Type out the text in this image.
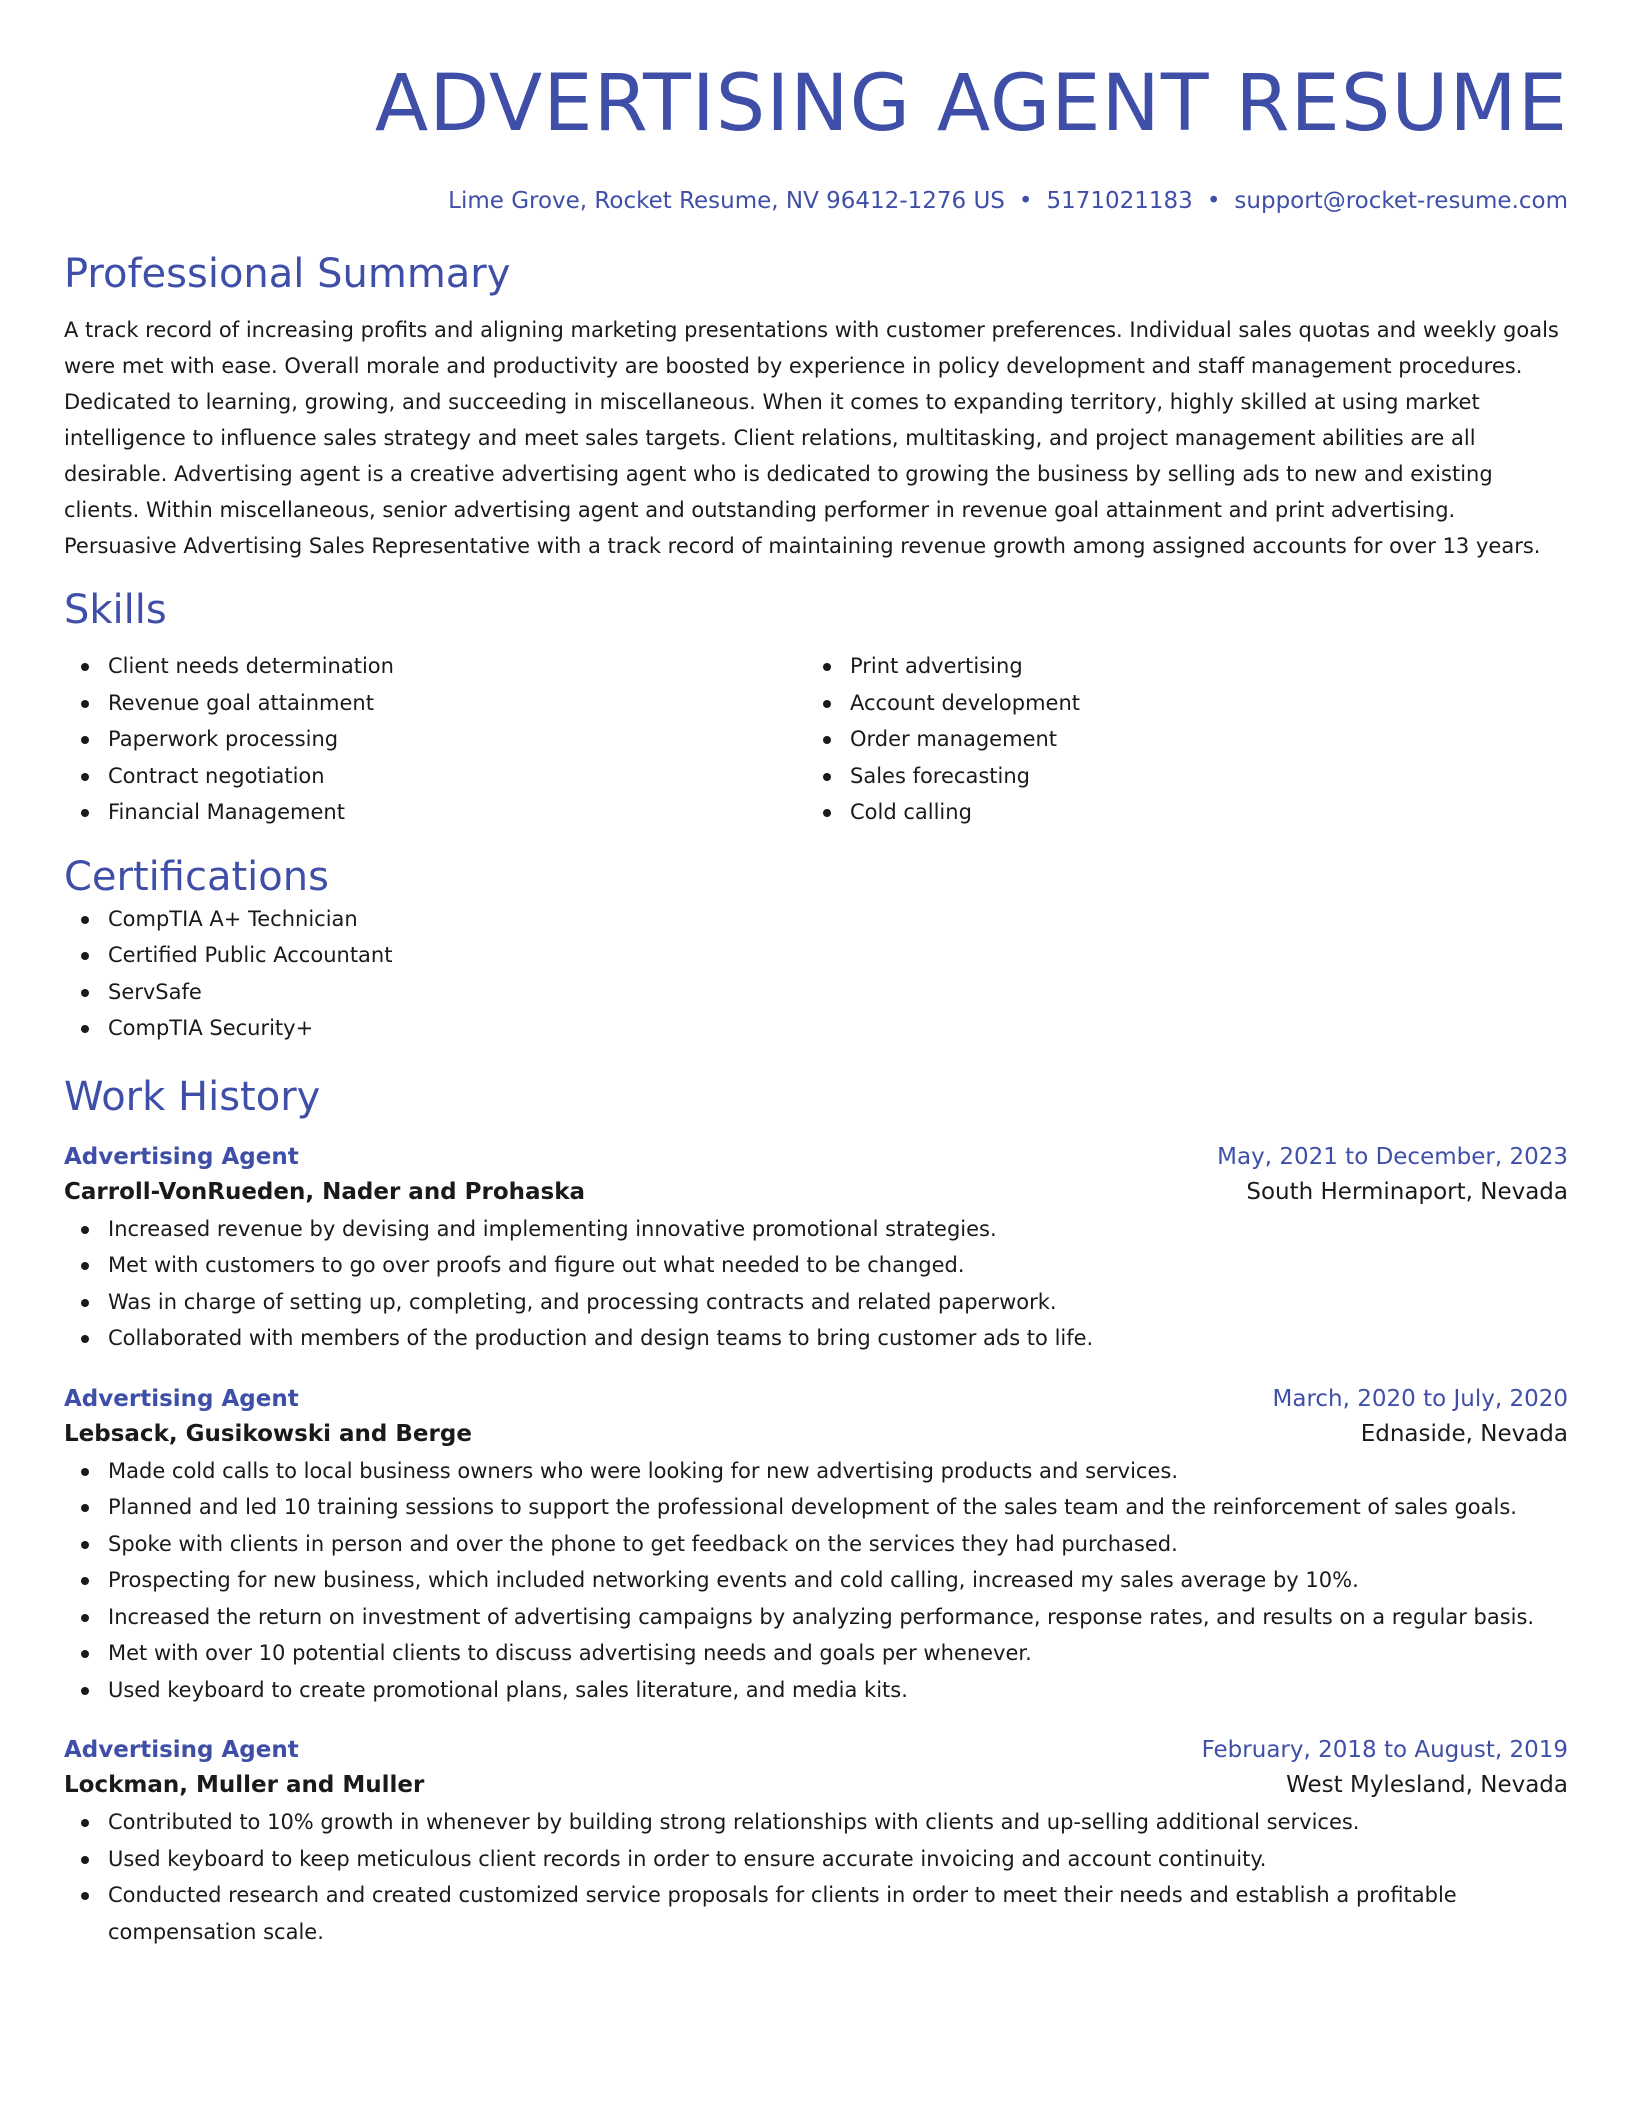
ADVERTISING AGENT RESUME
Lime Grove, Rocket Resume, NV 96412-1276 US • 5171021183 • support@rocket-resume.com
Professional Summary
A track record of increasing profits and aligning marketing presentations with customer preferences. Individual sales quotas and weekly goals were met with ease. Overall morale and productivity are boosted by experience in policy development and staff management procedures. Dedicated to learning, growing, and succeeding in miscellaneous. When it comes to expanding territory, highly skilled at using market intelligence to influence sales strategy and meet sales targets. Client relations, multitasking, and project management abilities are all desirable. Advertising agent is a creative advertising agent who is dedicated to growing the business by selling ads to new and existing clients. Within miscellaneous, senior advertising agent and outstanding performer in revenue goal attainment and print advertising. Persuasive Advertising Sales Representative with a track record of maintaining revenue growth among assigned accounts for over 13 years.
Skills
Client needs determination
Revenue goal attainment
Paperwork processing
Contract negotiation
Financial Management
Print advertising
Account development
Order management
Sales forecasting
Cold calling
Certifications
CompTIA A+ Technician
Certified Public Accountant
ServSafe
CompTIA Security+
Work History
Advertising Agent	May, 2021 to December, 2023
Carroll-VonRueden, Nader and Prohaska	South Herminaport, Nevada
Increased revenue by devising and implementing innovative promotional strategies.
Met with customers to go over proofs and figure out what needed to be changed.
Was in charge of setting up, completing, and processing contracts and related paperwork.
Collaborated with members of the production and design teams to bring customer ads to life.
Advertising Agent	March, 2020 to July, 2020
Lebsack, Gusikowski and Berge	Ednaside, Nevada
Made cold calls to local business owners who were looking for new advertising products and services.
Planned and led 10 training sessions to support the professional development of the sales team and the reinforcement of sales goals.
Spoke with clients in person and over the phone to get feedback on the services they had purchased.
Prospecting for new business, which included networking events and cold calling, increased my sales average by 10%.
Increased the return on investment of advertising campaigns by analyzing performance, response rates, and results on a regular basis.
Met with over 10 potential clients to discuss advertising needs and goals per whenever.
Used keyboard to create promotional plans, sales literature, and media kits.
Advertising Agent	February, 2018 to August, 2019
Lockman, Muller and Muller	West Mylesland, Nevada
Contributed to 10% growth in whenever by building strong relationships with clients and up-selling additional services.
Used keyboard to keep meticulous client records in order to ensure accurate invoicing and account continuity.
Conducted research and created customized service proposals for clients in order to meet their needs and establish a profitable compensation scale.
